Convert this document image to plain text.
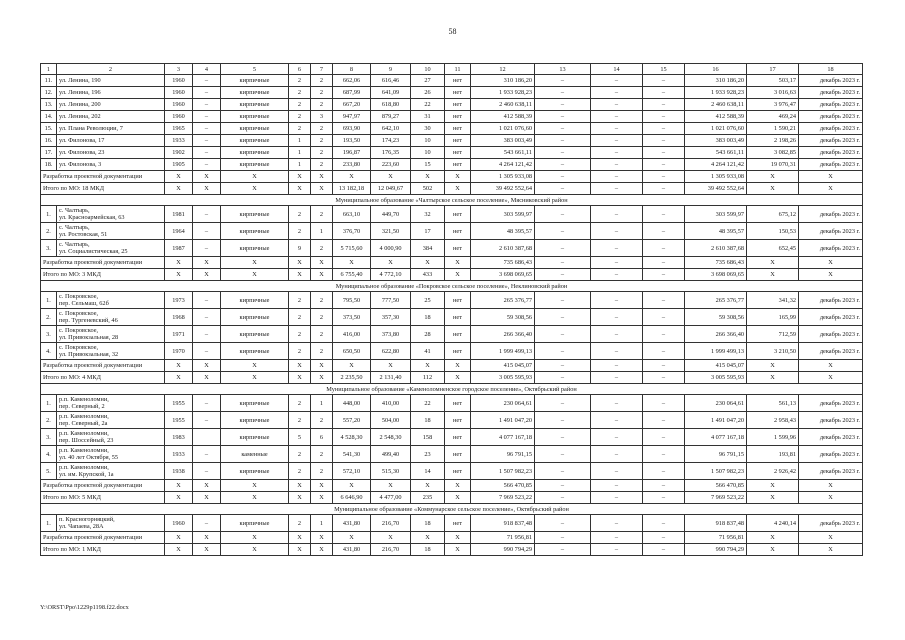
58
1	2	3	4	5	6	7	8	9	10	11	12	13	14	15	16	17	18
11.	ул. Ленина, 190	1960	–	кирпичные	2	2	662,06	616,46	27	нет	310 186,20	–	–	–	310 186,20	503,17	декабрь 2023 г.
12.	ул. Ленина, 196	1960	–	кирпичные	2	2	687,99	641,09	26	нет	1 933 928,23	–	–	–	1 933 928,23	3 016,63	декабрь 2023 г.
13.	ул. Ленина, 200	1960	–	кирпичные	2	2	667,20	618,80	22	нет	2 460 638,11	–	–	–	2 460 638,11	3 976,47	декабрь 2023 г.
14.	ул. Ленина, 202	1960	–	кирпичные	2	3	947,97	879,27	31	нет	412 588,39	–	–	–	412 588,39	469,24	декабрь 2023 г.
15.	ул. Плана Революции, 7	1965	–	кирпичные	2	2	693,90	642,10	30	нет	1 021 076,60	–	–	–	1 021 076,60	1 590,21	декабрь 2023 г.
16.	ул. Филонова, 17	1933	–	кирпичные	1	2	193,50	174,23	10	нет	383 003,49	–	–	–	383 003,49	2 198,26	декабрь 2023 г.
17.	ул. Филонова, 23	1902	–	кирпичные	1	2	196,87	176,35	10	нет	543 661,11	–	–	–	543 661,11	3 082,85	декабрь 2023 г.
18.	ул. Филонова, 3	1905	–	кирпичные	1	2	233,80	223,60	15	нет	4 264 121,42	–	–	–	4 264 121,42	19 070,31	декабрь 2023 г.
Разработка проектной документации		X	X	X	X	X	X	X	X	X	1 305 933,08	–	–	–	1 305 933,08	X	X
Итого по МО: 18 МКД		X	X	X	X	X	13 182,18	12 049,67	502	X	39 492 552,64	–	–	–	39 492 552,64	X	X
Муниципальное образование «Чалтырское сельское поселение», Мясниковский район																	
1.	с. Чалтырь,
ул. Красноармейская, 63	1981	–	кирпичные	2	2	663,10	449,70	32	нет	303 599,97	–	–	–	303 599,97	675,12	декабрь 2023 г.
2.	с. Чалтырь,
ул. Ростовская, 51	1964	–	кирпичные	2	1	376,70	321,50	17	нет	48 395,57	–	–	–	48 395,57	150,53	декабрь 2023 г.
3.	с. Чалтырь,
ул. Социалистическая, 25	1987	–	кирпичные	9	2	5 715,60	4 000,90	384	нет	2 610 387,68	–	–	–	2 610 387,68	652,45	декабрь 2023 г.
Разработка проектной документации		X	X	X	X	X	X	X	X	X	735 686,43	–	–	–	735 686,43	X	X
Итого по МО: 3 МКД		X	X	X	X	X	6 755,40	4 772,10	433	X	3 698 069,65	–	–	–	3 698 069,65	X	X
Муниципальное образование «Покровское сельское поселение», Неклиновский район																	
1.	с. Покровское,
пер. Сельмаш, 62б	1973	–	кирпичные	2	2	795,50	777,50	25	нет	265 376,77	–	–	–	265 376,77	341,32	декабрь 2023 г.
2.	с. Покровское,
пер. Тургеневский, 46	1968	–	кирпичные	2	2	373,50	357,30	18	нет	59 308,56	–	–	–	59 308,56	165,99	декабрь 2023 г.
3.	с. Покровское,
ул. Привокзальная, 28	1971	–	кирпичные	2	2	416,00	373,80	28	нет	266 366,40	–	–	–	266 366,40	712,59	декабрь 2023 г.
4.	с. Покровское,
ул. Привокзальная, 32	1970	–	кирпичные	2	2	650,50	622,80	41	нет	1 999 499,13	–	–	–	1 999 499,13	3 210,50	декабрь 2023 г.
Разработка проектной документации		X	X	X	X	X	X	X	X	X	415 045,07	–	–	–	415 045,07	X	X
Итого по МО: 4 МКД		X	X	X	X	X	2 235,50	2 131,40	112	X	3 005 595,93	–	–	–	3 005 595,93	X	X
Муниципальное образование «Каменоломненское городское поселение», Октябрьский район																	
1.	р.п. Каменоломни,
пер. Северный, 2	1955	–	кирпичные	2	1	448,00	410,00	22	нет	230 064,61	–	–	–	230 064,61	561,13	декабрь 2023 г.
2.	р.п. Каменоломни,
пер. Северный, 2а	1955	–	кирпичные	2	2	557,20	504,00	18	нет	1 491 047,20	–	–	–	1 491 047,20	2 958,43	декабрь 2023 г.
3.	р.п. Каменоломни,
пер. Шоссейный, 23	1983		кирпичные	5	6	4 528,30	2 548,30	158	нет	4 077 167,18	–	–	–	4 077 167,18	1 599,96	декабрь 2023 г.
4.	р.п. Каменоломни,
ул. 40 лет Октября, 55	1933	–	каменные	2	2	541,30	499,40	23	нет	96 791,15	–	–	–	96 791,15	193,81	декабрь 2023 г.
5.	р.п. Каменоломни,
ул. им. Крупской, 1а	1938	–	кирпичные	2	2	572,10	515,30	14	нет	1 507 982,23	–	–	–	1 507 982,23	2 926,42	декабрь 2023 г.
Разработка проектной документации		X	X	X	X	X	X	X	X	X	566 470,85	–	–	–	566 470,85	X	X
Итого по МО: 5 МКД		X	X	X	X	X	6 646,90	4 477,00	235	X	7 969 523,22	–	–	–	7 969 523,22	X	X
Муниципальное образование «Коммунарское сельское поселение», Октябрьский район																	
1.	п. Красногорняцкий,
ул. Чапаева, 28А	1960	–	кирпичные	2	1	431,80	216,70	18	нет	918 837,48	–	–	–	918 837,48	4 240,14	декабрь 2023 г.
Разработка проектной документации		X	X	X	X	X	X	X	X	X	71 956,81	–	–	–	71 956,81	X	X
Итого по МО: 1 МКД		X	X	X	X	X	431,80	216,70	18	X	990 794,29	–	–	–	990 794,29	X	X
Y:\ORST\Ppo\1229p1198.f22.docx
